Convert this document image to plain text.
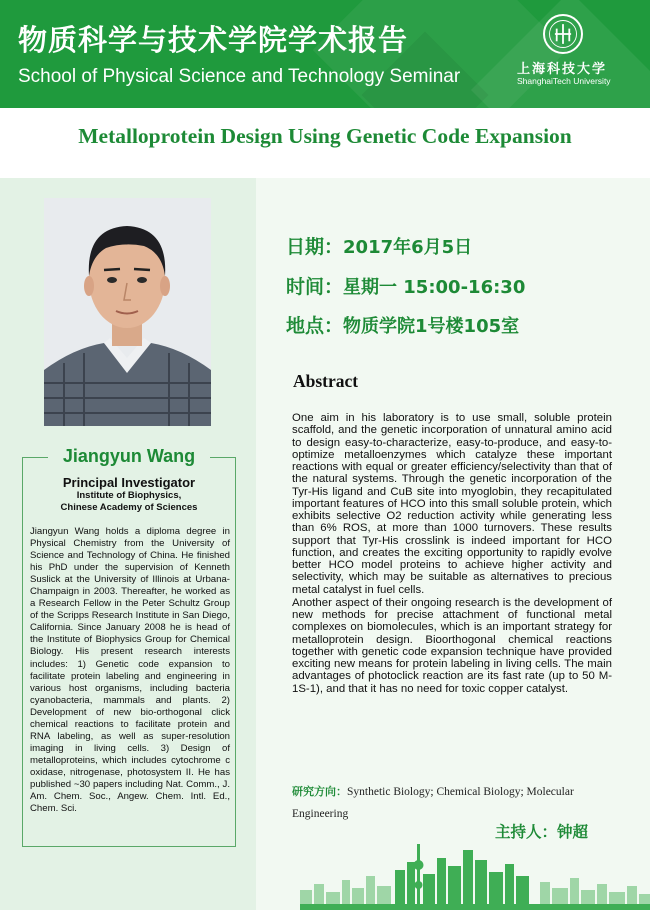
物质科学与技术学院学术报告
School of Physical Science and Technology Seminar	上海科技大学
ShanghaiTech University
Metalloprotein Design Using Genetic Code Expansion
Jiangyun Wang
Principal Investigator
Institute of Biophysics,
Chinese Academy of Sciences
Jiangyun Wang holds a diploma degree in Physical Chemistry from the University of Science and Technology of China. He finished his PhD under the supervision of Kenneth Suslick at the University of Illinois at Urbana-Champaign in 2003. Thereafter, he worked as a Research Fellow in the Peter Schultz Group of the Scripps Research Institute in San Diego, California. Since January 2008 he is head of the Institute of Biophysics Group for Chemical Biology. His present research interests includes: 1) Genetic code expansion to facilitate protein labeling and engineering in various host organisms, including bacteria cyanobacteria, mammals and plants. 2) Development of new bio-orthogonal click chemical reactions to facilitate protein and RNA labeling, as well as super-resolution imaging in living cells. 3) Design of metalloproteins, which includes cytochrome c oxidase, nitrogenase, photosystem II. He has published ~30 papers including Nat. Comm., J. Am. Chem. Soc., Angew. Chem. Intl. Ed., Chem. Sci.
日期：2017年6月5日
时间：星期一 15:00-16:30
地点：物质学院1号楼105室
Abstract

One aim in his laboratory is to use small, soluble protein scaffold, and the genetic incorporation of unnatural amino acid to design easy-to-characterize, easy-to-produce, and easy-to-optimize metalloenzymes which catalyze these important reactions with equal or greater efficiency/selectivity than that of the natural systems. Through the genetic incorporation of the Tyr-His ligand and CuB site into myoglobin, they recapitulated important features of HCO into this small soluble protein, which exhibits selective O2 reduction activity while generating less than 6% ROS, at more than 1000 turnovers. These results support that Tyr-His crosslink is indeed important for HCO function, and creates the exciting opportunity to rapidly evolve better HCO model proteins to achieve higher activity and selectivity, which may be suitable as alternatives to precious metal catalyst in fuel cells.

Another aspect of their ongoing research is the development of new methods for precise attachment of functional metal complexes on biomolecules, which is an important strategy for metalloprotein design. Bioorthogonal chemical reactions together with genetic code expansion technique have provided exciting new means for protein labeling in living cells. The main advantages of photoclick reaction are its fast rate (up to 50 M-1S-1), and that it has no need for toxic copper catalyst.

研究方向：Synthetic Biology; Chemical Biology; Molecular Engineering
主持人：钟超
